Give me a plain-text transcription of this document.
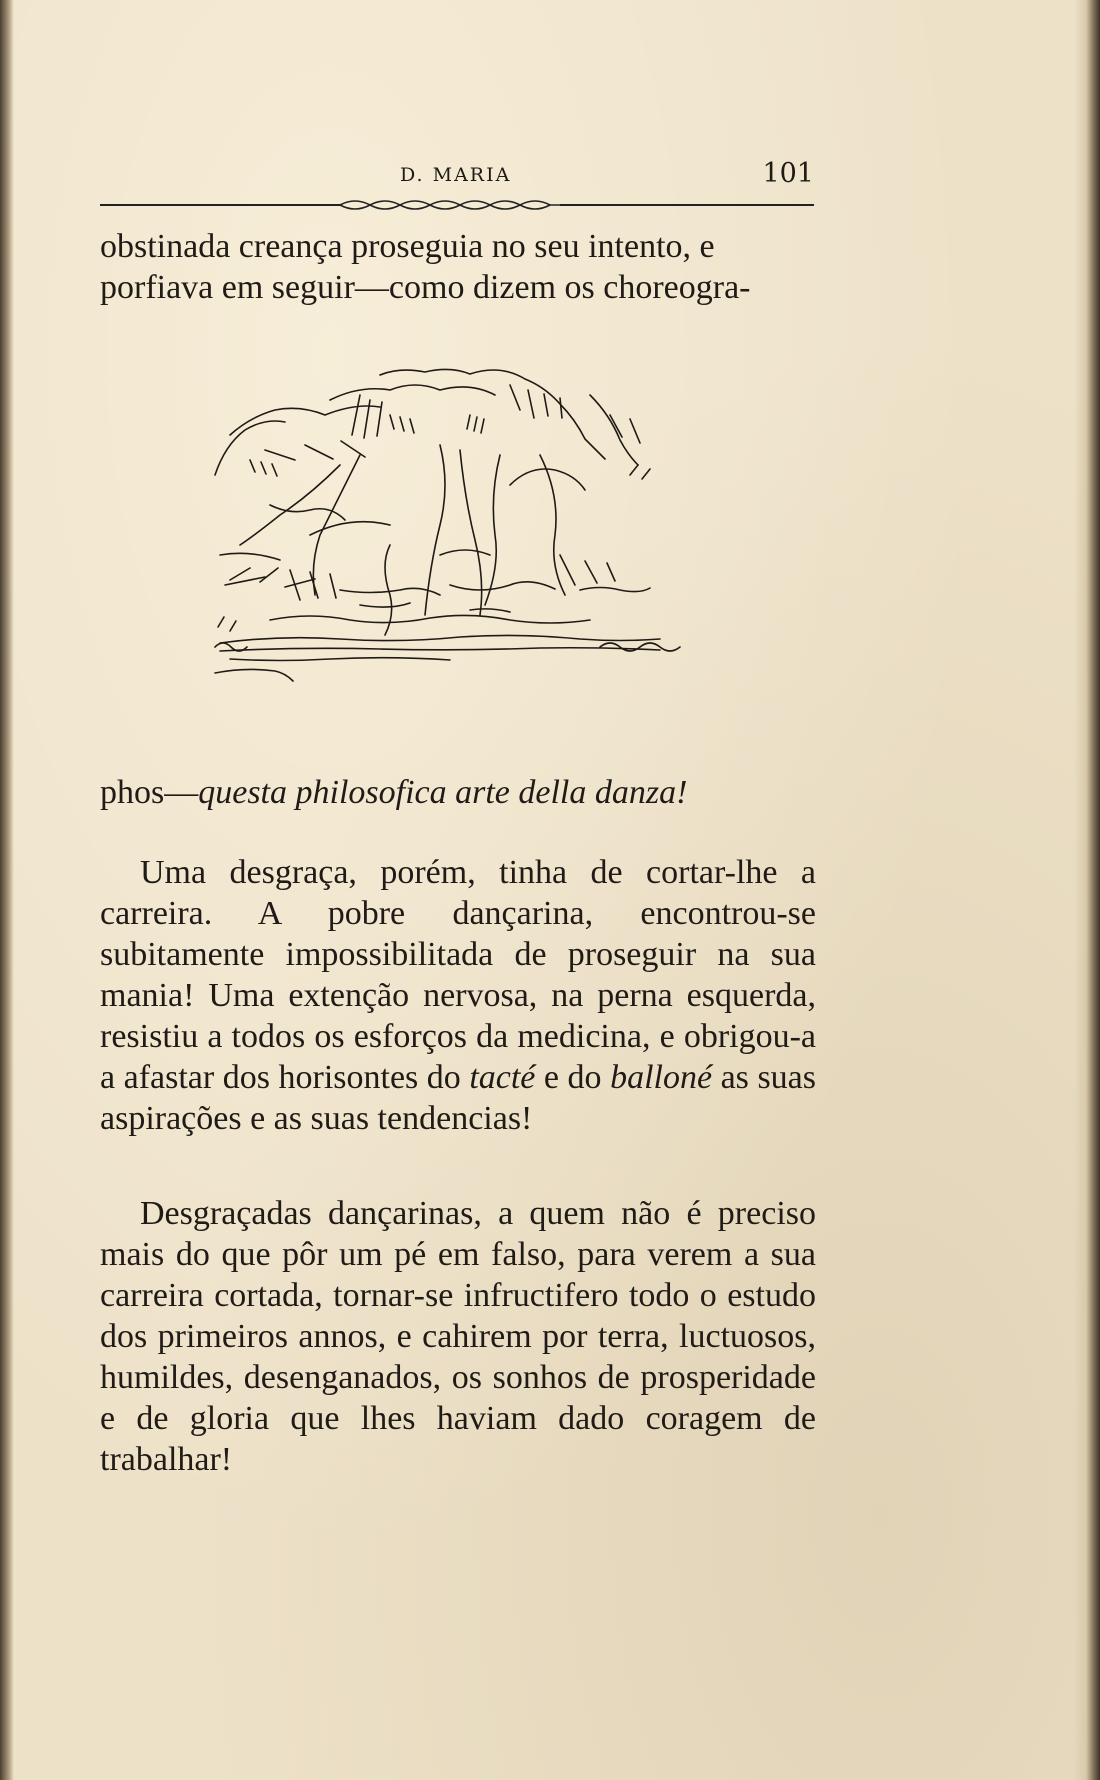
D. MARIA	101

obstinada creança proseguia no seu intento, e

porfiava em seguir—como dizem os choreogra-

phos—questa philosofica arte della danza!

Uma desgraça, porém, tinha de cortar-lhe a carreira. A pobre dançarina, encontrou-se subitamente impossibilitada de proseguir na sua mania! Uma extenção nervosa, na perna esquerda, resistiu a todos os esforços da medicina, e obrigou-a a afastar dos horisontes do tacté e do balloné as suas aspirações e as suas tendencias!

Desgraçadas dançarinas, a quem não é preciso mais do que pôr um pé em falso, para verem a sua carreira cortada, tornar-se infructifero todo o estudo dos primeiros annos, e cahirem por terra, luctuosos, humildes, desenganados, os sonhos de prosperidade e de gloria que lhes haviam dado coragem de trabalhar!
